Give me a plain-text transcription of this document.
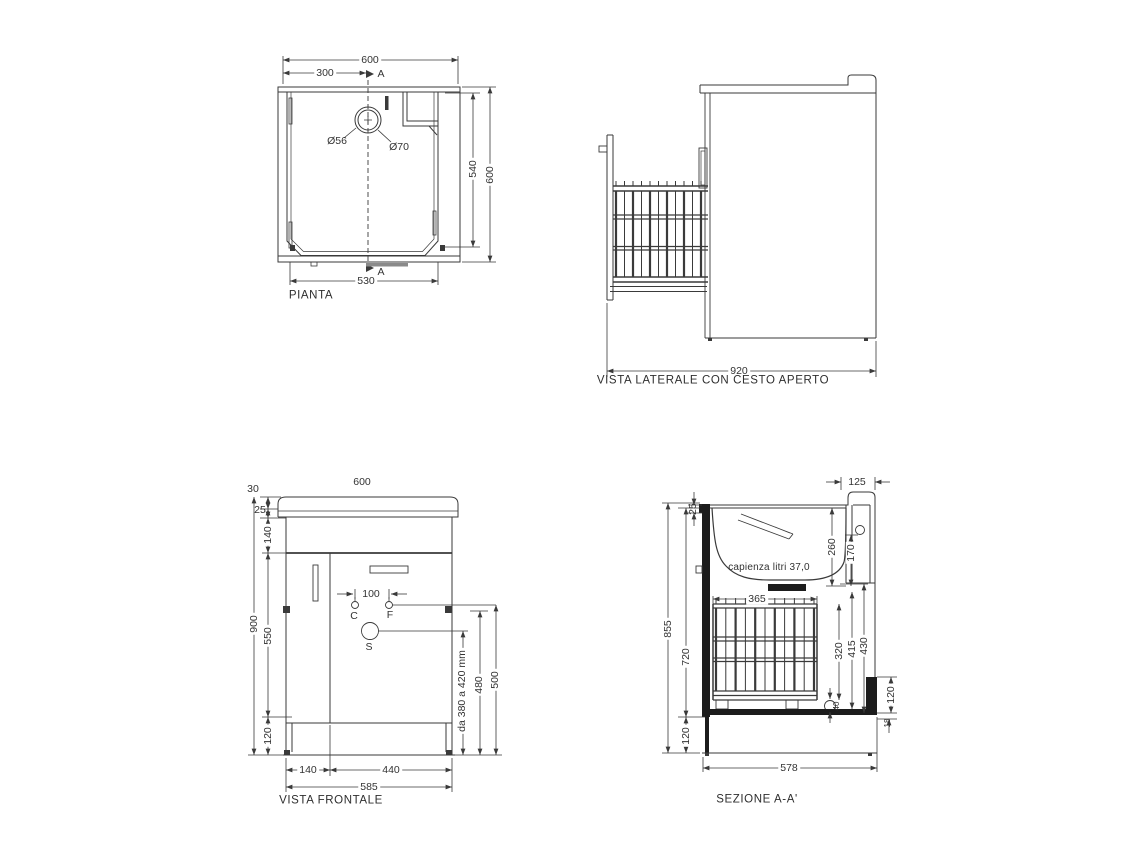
600
300	A
Ø56	Ø70
540 600
A
530
PIANTA
920
VISTA LATERALE CON CESTO APERTO
600
30
25
140
900
550
120
100
C	F
S
da 380 a 420 mm 480 500
140	440
585
VISTA FRONTALE
125
25
capienza litri 37,0
260 170
365
855
720
120
320 415 430
40
120
18
578
SEZIONE A-A'
